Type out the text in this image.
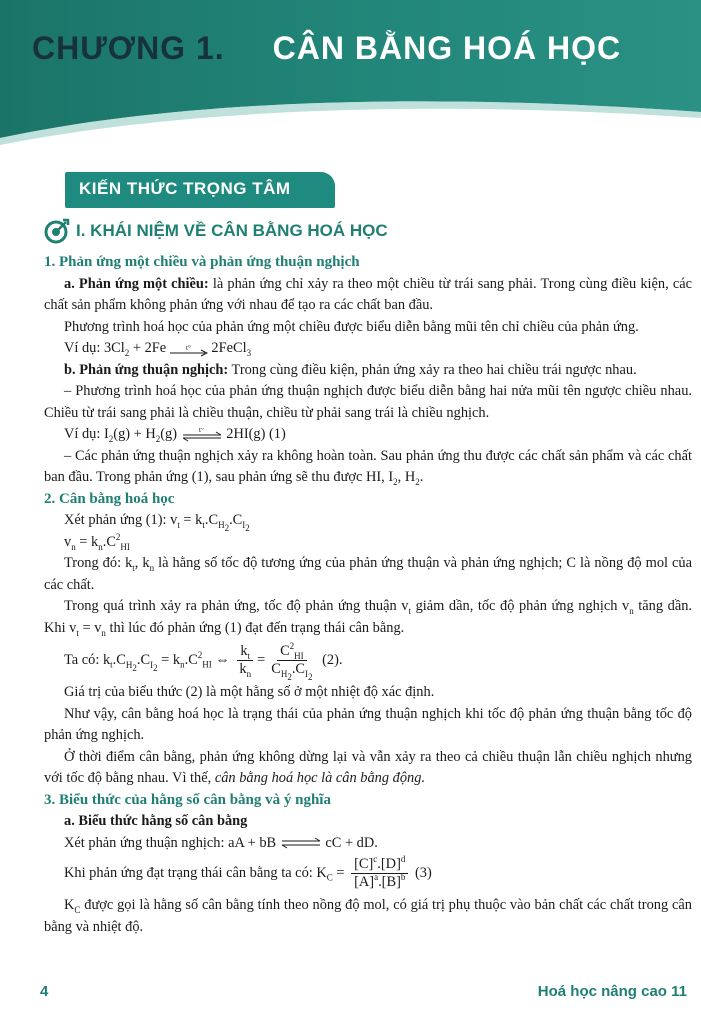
CHƯƠNG 1. CÂN BẰNG HOÁ HỌC
KIẾN THỨC TRỌNG TÂM
I. KHÁI NIỆM VỀ CÂN BẰNG HOÁ HỌC

1. Phản ứng một chiều và phản ứng thuận nghịch

a. Phản ứng một chiều: là phản ứng chỉ xảy ra theo một chiều từ trái sang phải. Trong cùng điều kiện, các chất sản phẩm không phản ứng với nhau để tạo ra các chất ban đầu.

Phương trình hoá học của phản ứng một chiều được biểu diễn bằng mũi tên chỉ chiều của phản ứng.

Ví dụ: $3Cl_2 + 2Fe$ t° 2FeCl$_3$

b. Phản ứng thuận nghịch: Trong cùng điều kiện, phản ứng xảy ra theo hai chiều trái ngược nhau.

– Phương trình hoá học của phản ứng thuận nghịch được biểu diễn bằng hai nửa mũi tên ngược chiều nhau. Chiều từ trái sang phải là chiều thuận, chiều từ phải sang trái là chiều nghịch.

Ví dụ: $I_2(g) + H_2(g)$	t° 2HI(g) (1)

– Các phản ứng thuận nghịch xảy ra không hoàn toàn. Sau phản ứng thu được các chất sản phẩm và các chất ban đầu. Trong phản ứng (1), sau phản ứng sẽ thu được HI, $I_2$, $H_2$.

2. Cân bằng hoá học

Xét phản ứng (1): $v_t = k_t.C_{H_2}.C_{I_2}$

$v_n = k_n.C^2_{HI}$

Trong đó: $k_t$, $k_n$ là hằng số tốc độ tương ứng của phản ứng thuận và phản ứng nghịch; C là nồng độ mol của các chất.

Trong quá trình xảy ra phản ứng, tốc độ phản ứng thuận $v_t$ giảm dần, tốc độ phản ứng nghịch $v_n$ tăng dần. Khi $v_t = v_n$ thì lúc đó phản ứng (1) đạt đến trạng thái cân bằng.

Ta có: $k_t.C_{H_2}.C_{I_2} = k_n.C^2_{HI}$ ⇔ $\frac{k_t}{k_n} = \frac{C^2_{HI}}{C_{H_2}.C_{I_2}} (2)$.

Giá trị của biểu thức (2) là một hằng số ở một nhiệt độ xác định.

Như vậy, cân bằng hoá học là trạng thái của phản ứng thuận nghịch khi tốc độ phản ứng thuận bằng tốc độ phản ứng nghịch.

Ở thời điểm cân bằng, phản ứng không dừng lại và vẫn xảy ra theo cả chiều thuận lẫn chiều nghịch nhưng với tốc độ bằng nhau. Vì thế, cân bằng hoá học là cân bằng động.

3. Biểu thức của hằng số cân bằng và ý nghĩa

a. Biểu thức hằng số cân bằng

Xét phản ứng thuận nghịch: aA + bB ⇌ cC + dD.

Khi phản ứng đạt trạng thái cân bằng ta có: $K_C = \frac{[C]^c.[D]^d}{[A]^a.[B]^b} (3)$

$K_C$ được gọi là hằng số cân bằng tính theo nồng độ mol, có giá trị phụ thuộc vào bản chất các chất trong cân bằng và nhiệt độ.

4	Hoá học nâng cao 11
